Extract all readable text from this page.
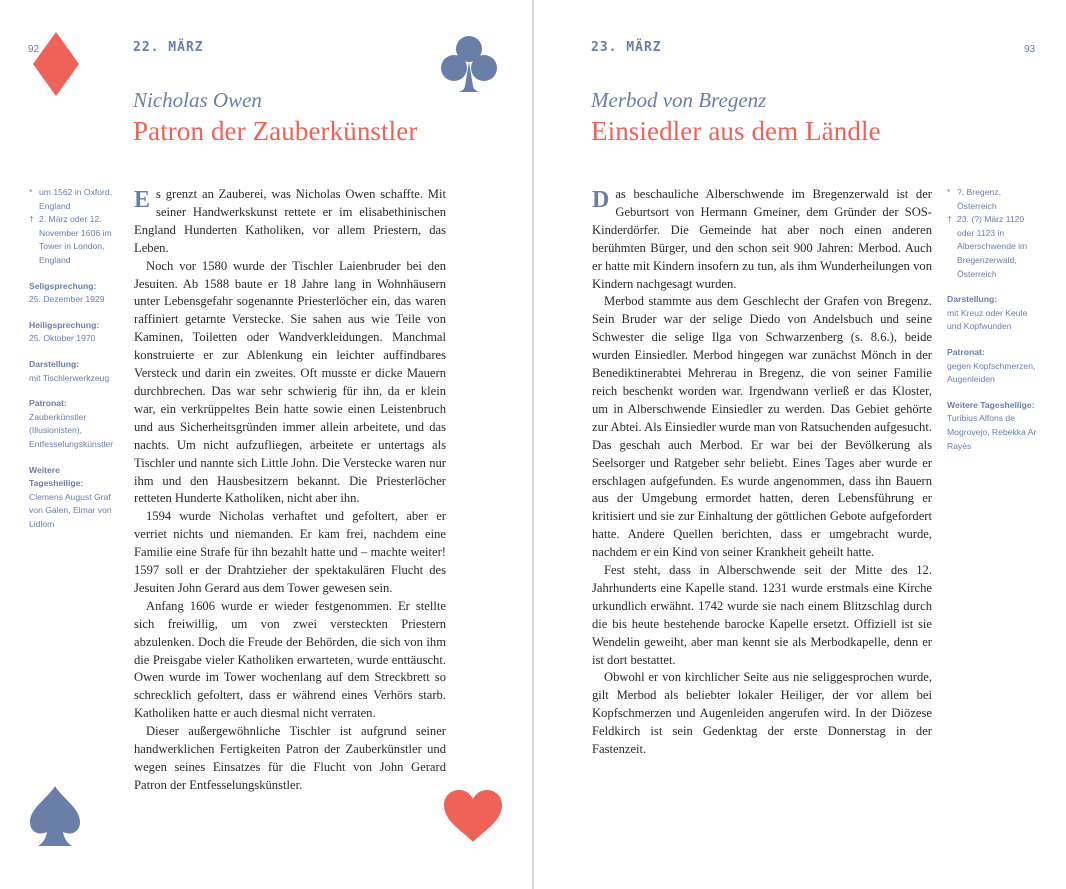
92	22. MÄRZ
Nicholas Owen
Patron der Zauberkünstler
* um 1562 in Oxford, England
† 2. März oder 12. November 1606 im Tower in London, England
Seligsprechung:
25. Dezember 1929
Heiligsprechung:
25. Oktober 1970
Darstellung:
mit Tischlerwerkzeug
Patronat:
Zauberkünstler (Illusionisten), Entfesselungskünstler
Weitere Tagesheilige:
Clemens August Graf von Galen, Elmar von Lidlom

Es grenzt an Zauberei, was Nicholas Owen schaffte. Mit seiner Handwerkskunst rettete er im elisabethinischen England Hunderten Katholiken, vor allem Priestern, das Leben.

Noch vor 1580 wurde der Tischler Laienbruder bei den Jesuiten. Ab 1588 baute er 18 Jahre lang in Wohnhäusern unter Lebensgefahr sogenannte Priesterlöcher ein, das waren raffiniert getarnte Verstecke. Sie sahen aus wie Teile von Kaminen, Toiletten oder Wandverkleidungen. Manchmal konstruierte er zur Ablenkung ein leichter auffindbares Versteck und darin ein zweites. Oft musste er dicke Mauern durchbrechen. Das war sehr schwierig für ihn, da er klein war, ein verkrüppeltes Bein hatte sowie einen Leistenbruch und aus Sicherheitsgründen immer allein arbeitete, und das nachts. Um nicht aufzufliegen, arbeitete er untertags als Tischler und nannte sich Little John. Die Verstecke waren nur ihm und den Hausbesitzern bekannt. Die Priesterlöcher retteten Hunderte Katholiken, nicht aber ihn.

1594 wurde Nicholas verhaftet und gefoltert, aber er verriet nichts und niemanden. Er kam frei, nachdem eine Familie eine Strafe für ihn bezahlt hatte und – machte weiter! 1597 soll er der Drahtzieher der spektakulären Flucht des Jesuiten John Gerard aus dem Tower gewesen sein.

Anfang 1606 wurde er wieder festgenommen. Er stellte sich freiwillig, um von zwei versteckten Priestern abzulenken. Doch die Freude der Behörden, die sich von ihm die Preisgabe vieler Katholiken erwarteten, wurde enttäuscht. Owen wurde im Tower wochenlang auf dem Streckbrett so schrecklich gefoltert, dass er während eines Verhörs starb. Katholiken hatte er auch diesmal nicht verraten.

Dieser außergewöhnliche Tischler ist aufgrund seiner handwerklichen Fertigkeiten Patron der Zauberkünstler und wegen seines Einsatzes für die Flucht von John Gerard Patron der Entfesselungskünstler.

23. MÄRZ	93
Merbod von Bregenz
Einsiedler aus dem Ländle

Das beschauliche Alberschwende im Bregenzerwald ist der Geburtsort von Hermann Gmeiner, dem Gründer der SOS-Kinderdörfer. Die Gemeinde hat aber noch einen anderen berühmten Bürger, und den schon seit 900 Jahren: Merbod. Auch er hatte mit Kindern insofern zu tun, als ihm Wunderheilungen von Kindern nachgesagt wurden.

Merbod stammte aus dem Geschlecht der Grafen von Bregenz. Sein Bruder war der selige Diedo von Andelsbuch und seine Schwester die selige Ilga von Schwarzenberg (s. 8.6.), beide wurden Einsiedler. Merbod hingegen war zunächst Mönch in der Benediktinerabtei Mehrerau in Bregenz, die von seiner Familie reich beschenkt worden war. Irgendwann verließ er das Kloster, um in Alberschwende Einsiedler zu werden. Das Gebiet gehörte zur Abtei. Als Einsiedler wurde man von Ratsuchenden aufgesucht. Das geschah auch Merbod. Er war bei der Bevölkerung als Seelsorger und Ratgeber sehr beliebt. Eines Tages aber wurde er erschlagen aufgefunden. Es wurde angenommen, dass ihn Bauern aus der Umgebung ermordet hatten, deren Lebensführung er kritisiert und sie zur Einhaltung der göttlichen Gebote aufgefordert hatte. Andere Quellen berichten, dass er umgebracht wurde, nachdem er ein Kind von seiner Krankheit geheilt hatte.

Fest steht, dass in Alberschwende seit der Mitte des 12. Jahrhunderts eine Kapelle stand. 1231 wurde erstmals eine Kirche urkundlich erwähnt. 1742 wurde sie nach einem Blitzschlag durch die bis heute bestehende barocke Kapelle ersetzt. Offiziell ist sie Wendelin geweiht, aber man kennt sie als Merbodkapelle, denn er ist dort bestattet.

Obwohl er von kirchlicher Seite aus nie seliggesprochen wurde, gilt Merbod als beliebter lokaler Heiliger, der vor allem bei Kopfschmerzen und Augenleiden angerufen wird. In der Diözese Feldkirch ist sein Gedenktag der erste Donnerstag in der Fastenzeit.

* ?, Bregenz, Österreich
† 23. (?) März 1120 oder 1123 in Alberschwende im Bregenzerwald, Österreich
Darstellung:
mit Kreuz oder Keule und Kopfwunden
Patronat:
gegen Kopfschmerzen, Augenleiden
Weitere Tagesheilige:
Turibius Alfons de Mogrovejo, Rebekka Ar Rayès
